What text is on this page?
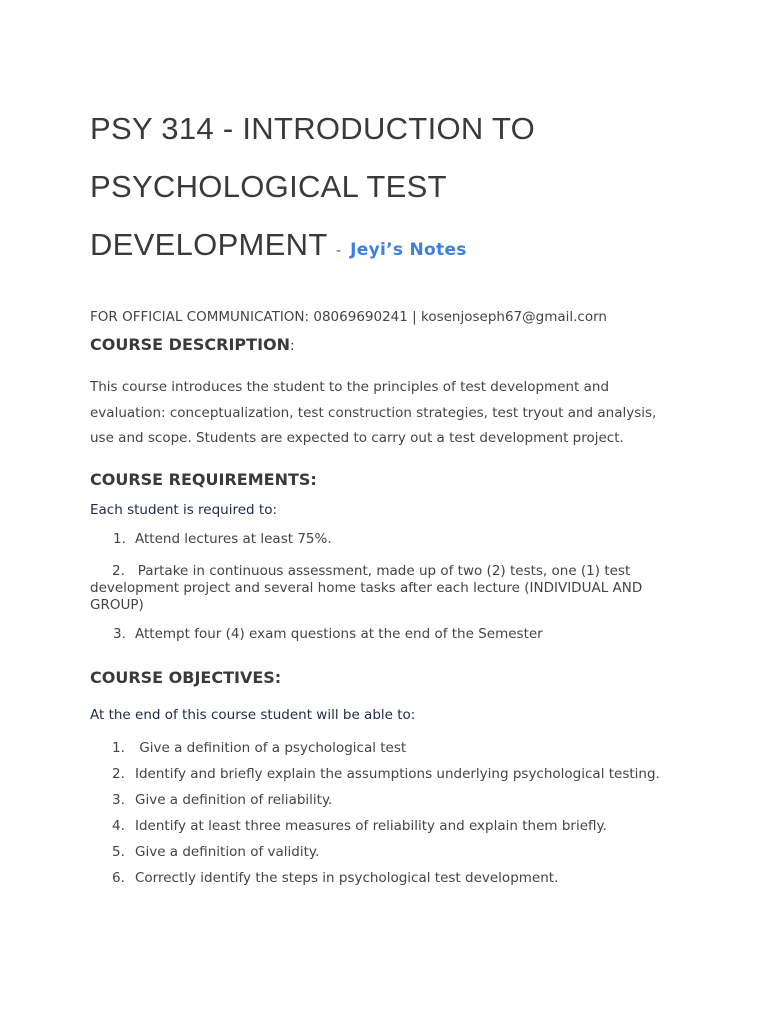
PSY 314 - INTRODUCTION TO
PSYCHOLOGICAL TEST
DEVELOPMENT - Jeyi’s Notes

FOR OFFICIAL COMMUNICATION: 08069690241 | kosenjoseph67@gmail.corn

COURSE DESCRIPTION:

This course introduces the student to the principles of test development and evaluation: conceptualization, test construction strategies, test tryout and analysis, use and scope. Students are expected to carry out a test development project.

COURSE REQUIREMENTS:

Each student is required to:

1. Attend lectures at least 75%.

2. Partake in continuous assessment, made up of two (2) tests, one (1) test development project and several home tasks after each lecture (INDIVIDUAL AND GROUP)

3. Attempt four (4) exam questions at the end of the Semester

COURSE OBJECTIVES:

At the end of this course student will be able to:

1. Give a definition of a psychological test
2. Identify and briefly explain the assumptions underlying psychological testing.
3. Give a definition of reliability.
4. Identify at least three measures of reliability and explain them briefly.
5. Give a definition of validity.
6. Correctly identify the steps in psychological test development.
